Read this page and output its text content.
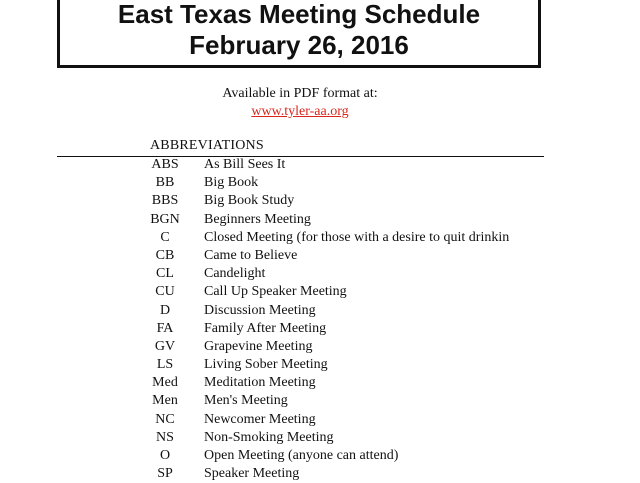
East Texas Meeting Schedule
February 26, 2016
Available in PDF format at:
www.tyler-aa.org
ABBREVIATIONS
ABS	As Bill Sees It
BB	Big Book
BBS	Big Book Study
BGN	Beginners Meeting
C	Closed Meeting (for those with a desire to quit drinkin
CB	Came to Believe
CL	Candelight
CU	Call Up Speaker Meeting
D	Discussion Meeting
FA	Family After Meeting
GV	Grapevine Meeting
LS	Living Sober Meeting
Med	Meditation Meeting
Men	Men's Meeting
NC	Newcomer Meeting
NS	Non-Smoking Meeting
O	Open Meeting (anyone can attend)
SP	Speaker Meeting
